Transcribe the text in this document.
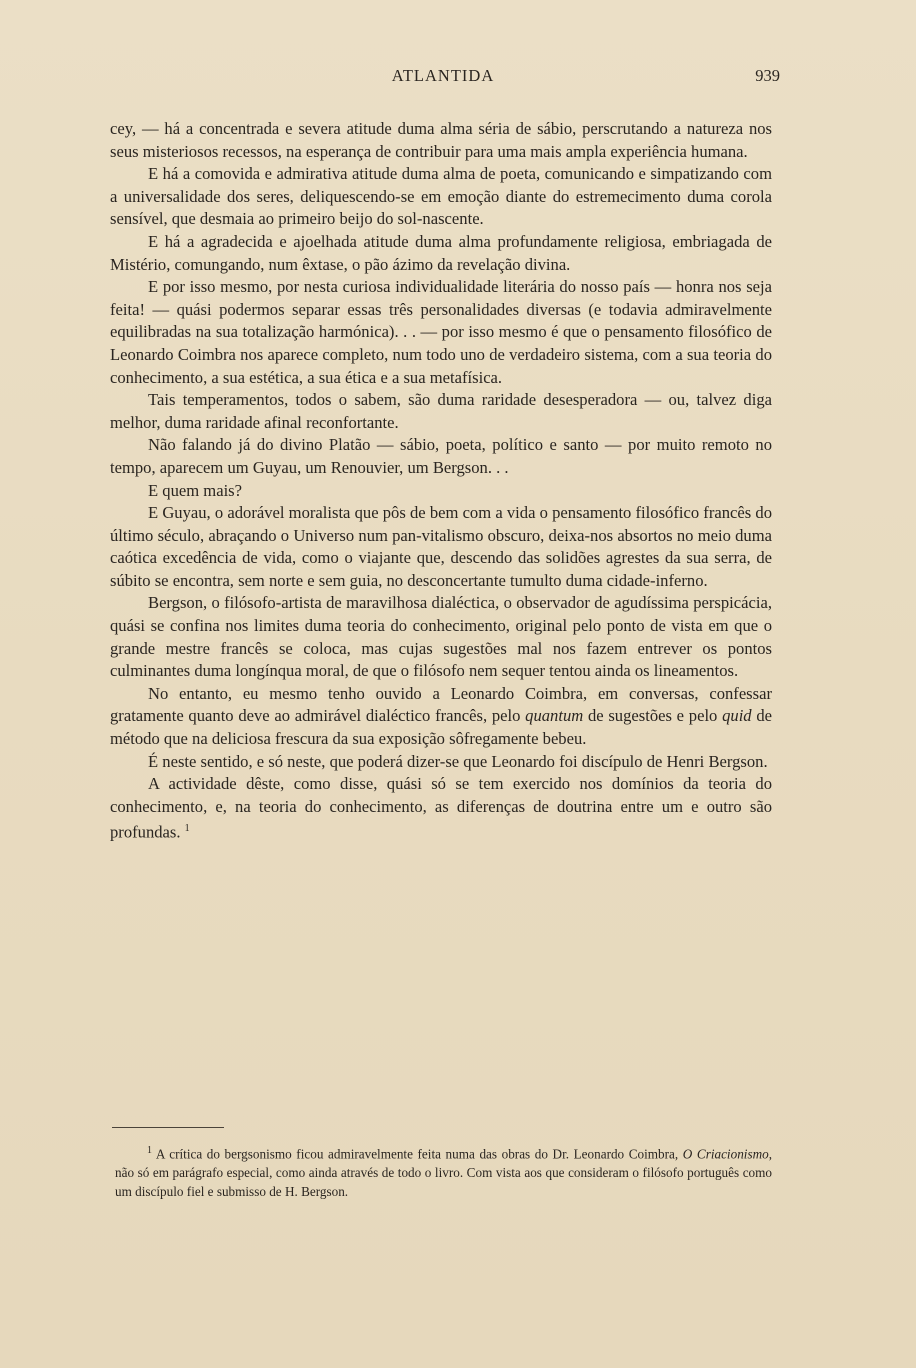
ATLANTIDA	939

cey, — há a concentrada e severa atitude duma alma séria de sábio, perscrutando a natureza nos seus misteriosos recessos, na esperança de contribuir para uma mais ampla experiência humana.

E há a comovida e admirativa atitude duma alma de poeta, comunicando e simpatizando com a universalidade dos seres, deliquescendo-se em emoção diante do estremecimento duma corola sensível, que desmaia ao primeiro beijo do sol-nascente.

E há a agradecida e ajoelhada atitude duma alma profundamente religiosa, embriagada de Mistério, comungando, num êxtase, o pão ázimo da revelação divina.

E por isso mesmo, por nesta curiosa individualidade literária do nosso país — honra nos seja feita! — quási podermos separar essas três personalidades diversas (e todavia admiravelmente equilibradas na sua totalização harmónica). . . — por isso mesmo é que o pensamento filosófico de Leonardo Coimbra nos aparece completo, num todo uno de verdadeiro sistema, com a sua teoria do conhecimento, a sua estética, a sua ética e a sua metafísica.

Tais temperamentos, todos o sabem, são duma raridade desesperadora — ou, talvez diga melhor, duma raridade afinal reconfortante.

Não falando já do divino Platão — sábio, poeta, político e santo — por muito remoto no tempo, aparecem um Guyau, um Renouvier, um Bergson. . .

E quem mais?

E Guyau, o adorável moralista que pôs de bem com a vida o pensamento filosófico francês do último século, abraçando o Universo num pan-vitalismo obscuro, deixa-nos absortos no meio duma caótica excedência de vida, como o viajante que, descendo das solidões agrestes da sua serra, de súbito se encontra, sem norte e sem guia, no desconcertante tumulto duma cidade-inferno.

Bergson, o filósofo-artista de maravilhosa dialéctica, o observador de agudíssima perspicácia, quási se confina nos limites duma teoria do conhecimento, original pelo ponto de vista em que o grande mestre francês se coloca, mas cujas sugestões mal nos fazem entrever os pontos culminantes duma longínqua moral, de que o filósofo nem sequer tentou ainda os lineamentos.

No entanto, eu mesmo tenho ouvido a Leonardo Coimbra, em conversas, confessar gratamente quanto deve ao admirável dialéctico francês, pelo quantum de sugestões e pelo quid de método que na deliciosa frescura da sua exposição sôfregamente bebeu.

É neste sentido, e só neste, que poderá dizer-se que Leonardo foi discípulo de Henri Bergson.

A actividade dêste, como disse, quási só se tem exercido nos domínios da teoria do conhecimento, e, na teoria do conhecimento, as diferenças de doutrina entre um e outro são profundas. $^1$

$^1$ A crítica do bergsonismo ficou admiravelmente feita numa das obras do Dr. Leonardo Coimbra, O Criacionismo, não só em parágrafo especial, como ainda através de todo o livro. Com vista aos que consideram o filósofo português como um discípulo fiel e submisso de H. Bergson.
